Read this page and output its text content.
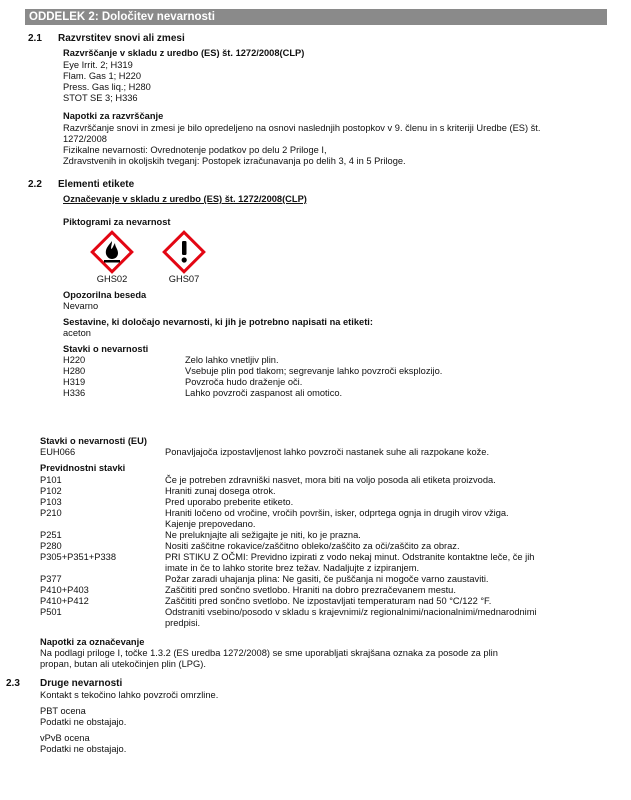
ODDELEK 2: Določitev nevarnosti
2.1 Razvrstitev snovi ali zmesi
Razvrščanje v skladu z uredbo (ES) št. 1272/2008(CLP)
Eye Irrit. 2; H319
Flam. Gas 1; H220
Press. Gas liq.; H280
STOT SE 3; H336
Napotki za razvrščanje
Razvrščanje snovi in zmesi je bilo opredeljeno na osnovi naslednjih postopkov v 9. členu in s kriteriji Uredbe (ES) št.
1272/2008
Fizikalne nevarnosti: Ovrednotenje podatkov po delu 2 Priloge I,
Zdravstvenih in okoljskih tveganj: Postopek izračunavanja po delih 3, 4 in 5 Priloge.
2.2 Elementi etikete
Označevanje v skladu z uredbo (ES) št. 1272/2008(CLP)
Piktogrami za nevarnost
GHS02	GHS07
Opozorilna beseda
Nevarno
Sestavine, ki določajo nevarnosti, ki jih je potrebno napisati na etiketi:
aceton
Stavki o nevarnosti
H220	Zelo lahko vnetljiv plin.
H280	Vsebuje plin pod tlakom; segrevanje lahko povzroči eksplozijo.
H319	Povzroča hudo draženje oči.
H336	Lahko povzroči zaspanost ali omotico.
Stavki o nevarnosti (EU)
EUH066	Ponavljajoča izpostavljenost lahko povzroči nastanek suhe ali razpokane kože.
Previdnostni stavki
P101	Če je potreben zdravniški nasvet, mora biti na voljo posoda ali etiketa proizvoda.
P102	Hraniti zunaj dosega otrok.
P103	Pred uporabo preberite etiketo.
P210	Hraniti ločeno od vročine, vročih površin, isker, odprtega ognja in drugih virov vžiga.
Kajenje prepovedano.
P251	Ne preluknjajte ali sežigajte je niti, ko je prazna.
P280	Nositi zaščitne rokavice/zaščitno obleko/zaščito za oči/zaščito za obraz.
P305+P351+P338	PRI STIKU Z OČMI: Previdno izpirati z vodo nekaj minut. Odstranite kontaktne leče, če jih
imate in če to lahko storite brez težav. Nadaljujte z izpiranjem.
P377	Požar zaradi uhajanja plina: Ne gasiti, če puščanja ni mogoče varno zaustaviti.
P410+P403	Zaščititi pred sončno svetlobo. Hraniti na dobro prezračevanem mestu.
P410+P412	Zaščititi pred sončno svetlobo. Ne izpostavljati temperaturam nad 50 °C/122 °F.
P501	Odstraniti vsebino/posodo v skladu s krajevnimi/z regionalnimi/nacionalnimi/mednarodnimi
predpisi.
Napotki za označevanje
Na podlagi priloge I, točke 1.3.2 (ES uredba 1272/2008) se sme uporabljati skrajšana oznaka za posode za plin
propan, butan ali utekočinjen plin (LPG).
2.3 Druge nevarnosti
Kontakt s tekočino lahko povzroči omrzline.
PBT ocena
Podatki ne obstajajo.
vPvB ocena
Podatki ne obstajajo.
